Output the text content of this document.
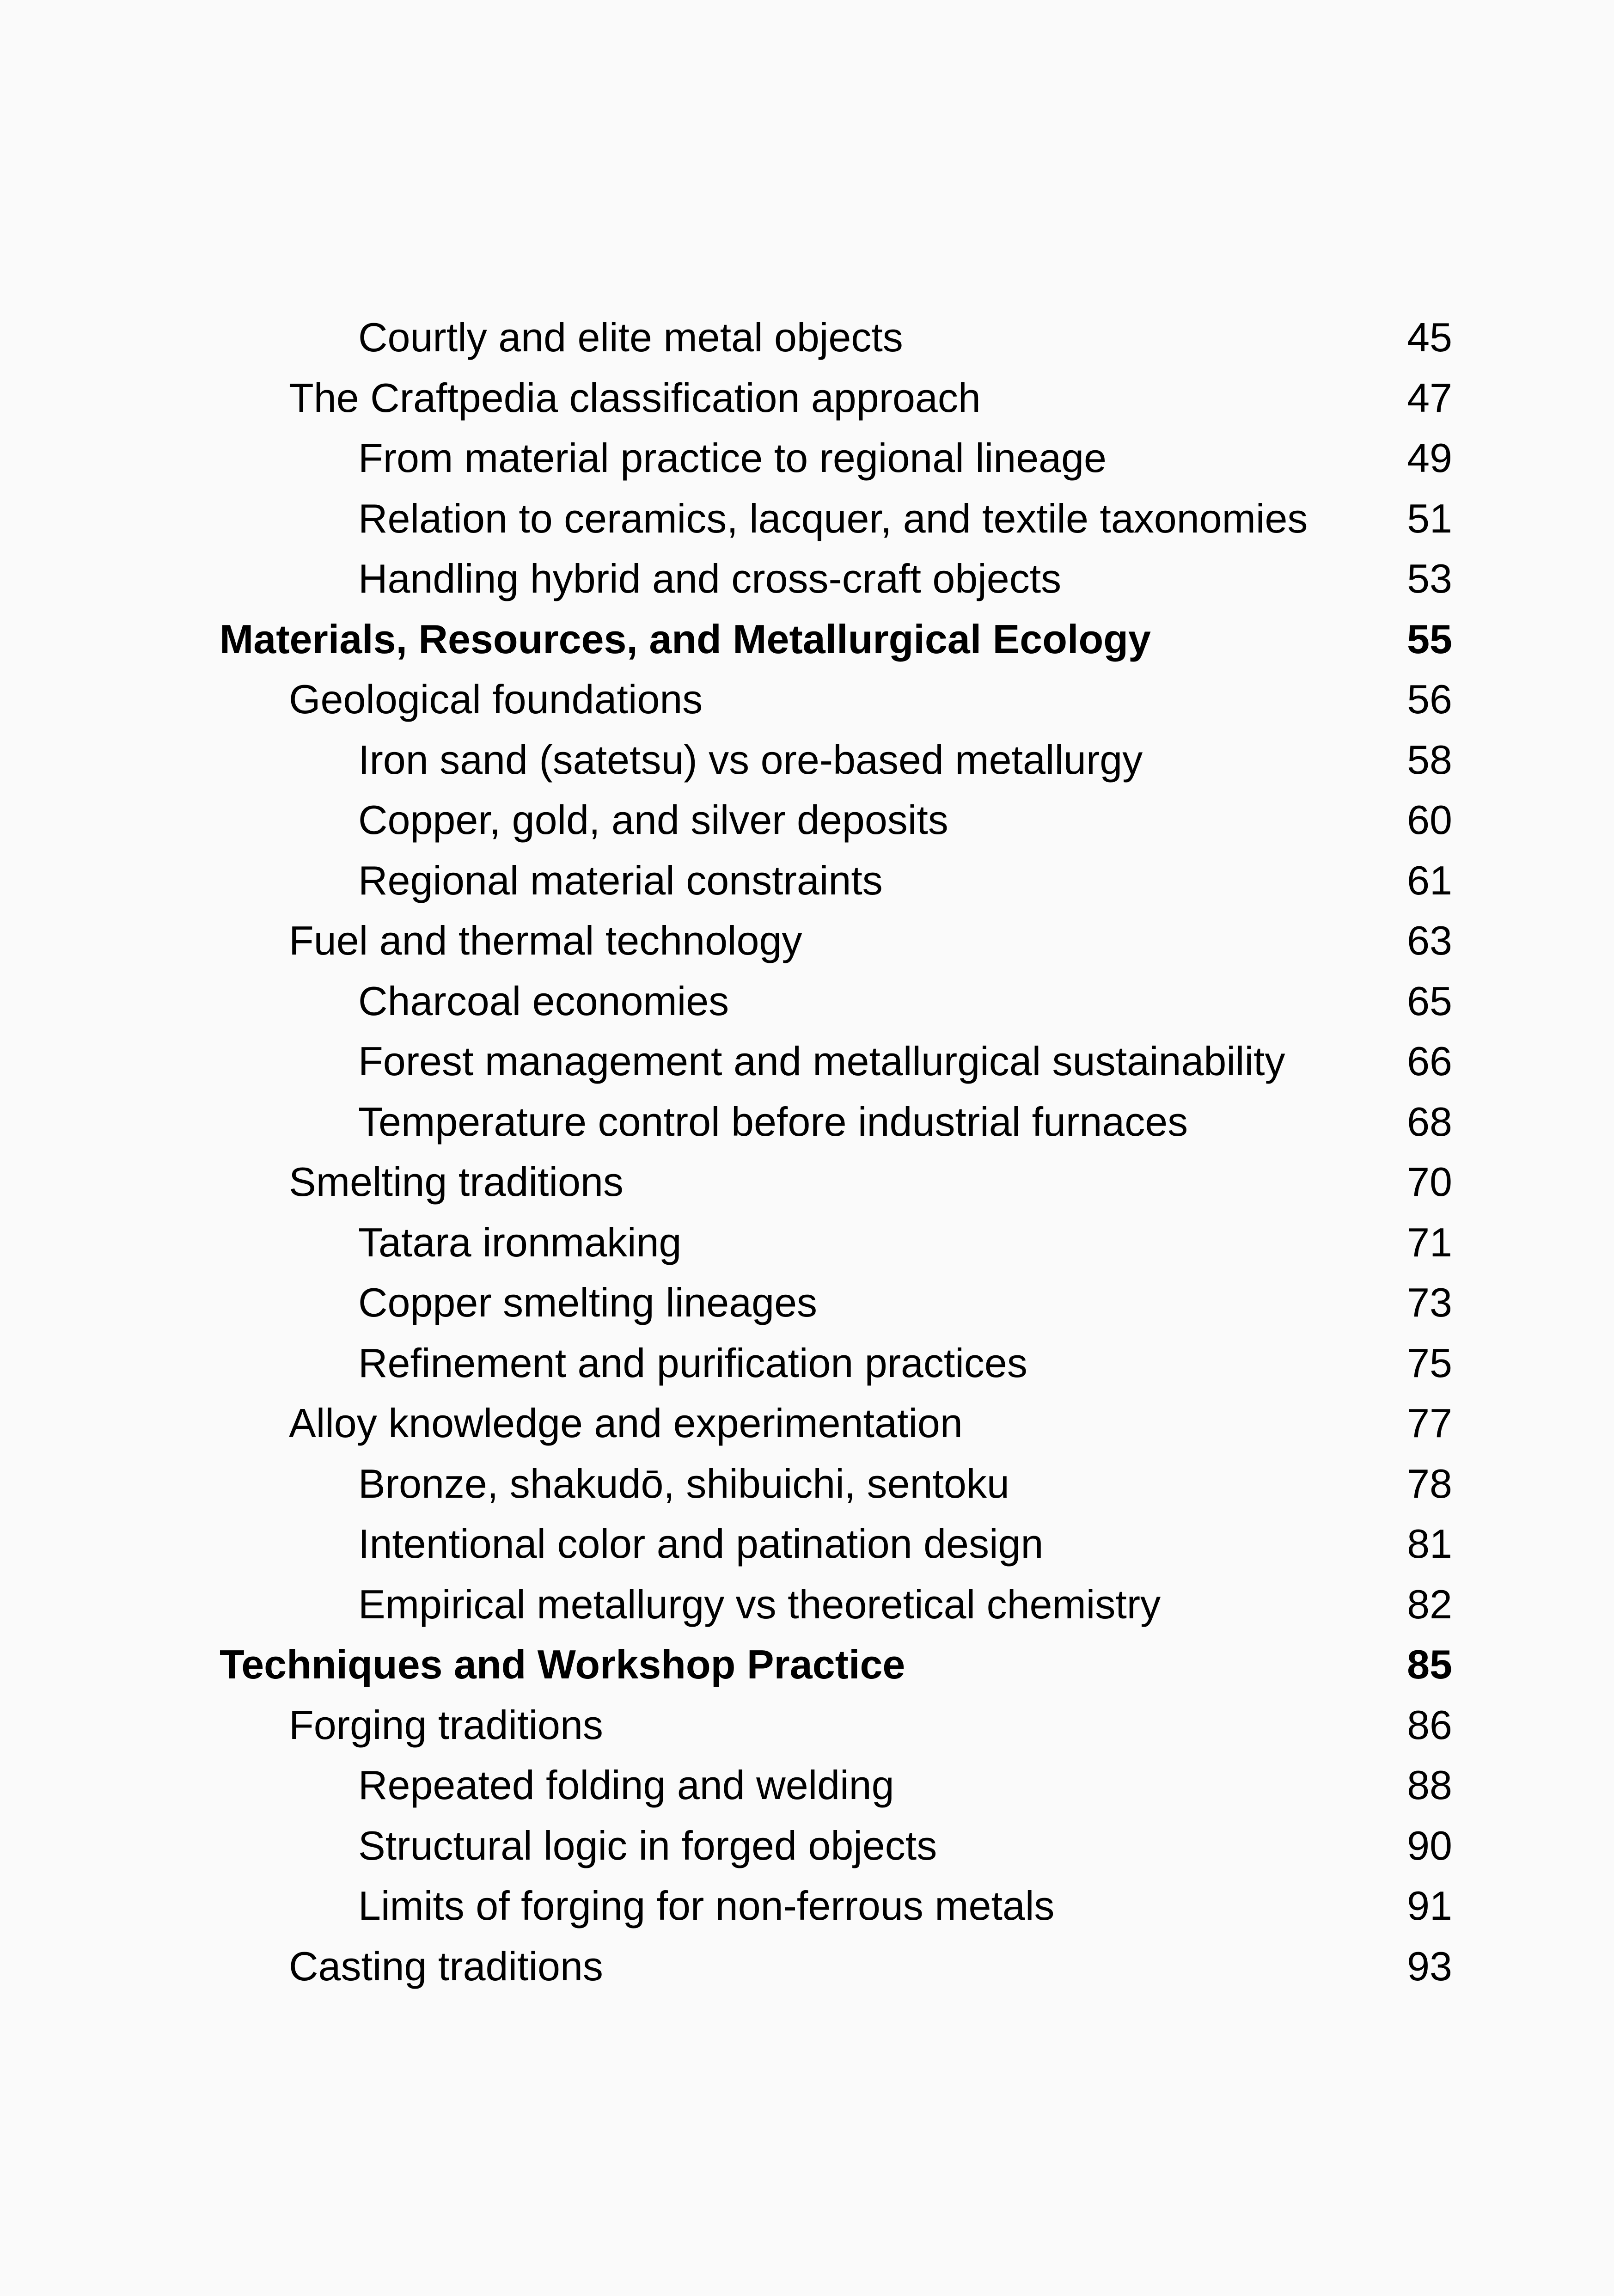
Courtly and elite metal objects	45
The Craftpedia classification approach	47
From material practice to regional lineage	49
Relation to ceramics, lacquer, and textile taxonomies 51
Handling hybrid and cross-craft objects	53
Materials, Resources, and Metallurgical Ecology	55
Geological foundations	56
Iron sand (satetsu) vs ore-based metallurgy	58
Copper, gold, and silver deposits	60
Regional material constraints	61
Fuel and thermal technology	63
Charcoal economies	65
Forest management and metallurgical sustainability	66
Temperature control before industrial furnaces	68
Smelting traditions	70
Tatara ironmaking	71
Copper smelting lineages	73
Refinement and purification practices	75
Alloy knowledge and experimentation	77
Bronze, shakudō, shibuichi, sentoku	78
Intentional color and patination design	81
Empirical metallurgy vs theoretical chemistry	82
Techniques and Workshop Practice	85
Forging traditions	86
Repeated folding and welding	88
Structural logic in forged objects	90
Limits of forging for non-ferrous metals	91
Casting traditions	93
